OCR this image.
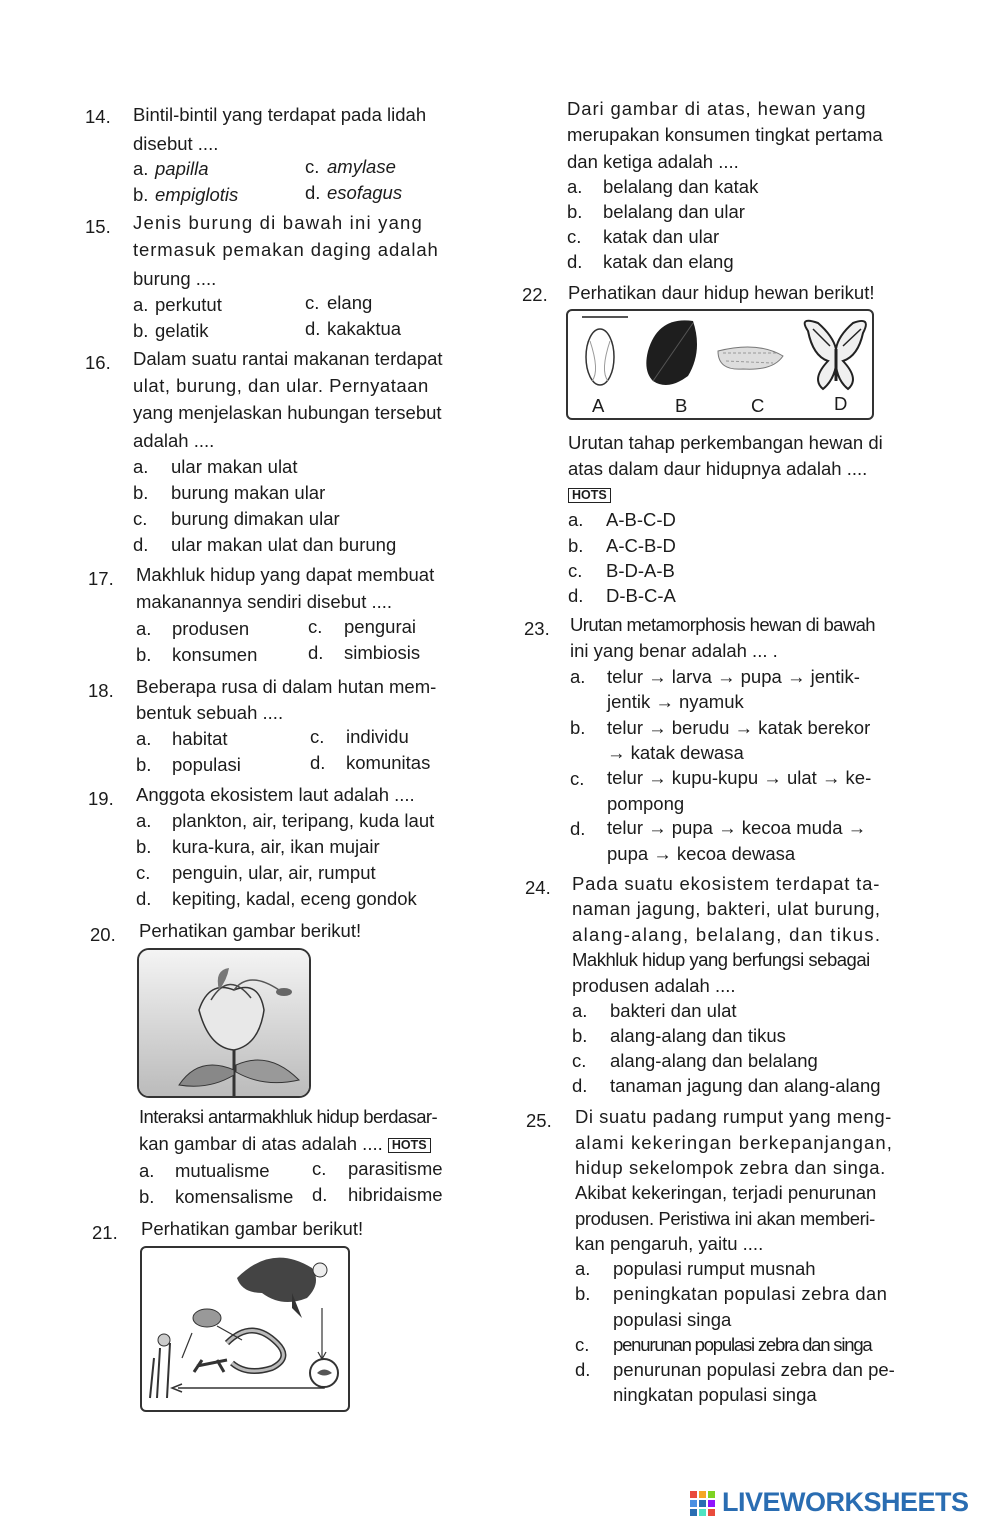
14. Bintil-bintil yang terdapat pada lidah
disebut ....
a. papilla
b. empiglotis
c. amylase
d. esofagus
15. Jenis burung di bawah ini yang
termasuk pemakan daging adalah
burung ....
a. perkutut
b. gelatik
c. elang
d. kakaktua
16. Dalam suatu rantai makanan terdapat
ulat, burung, dan ular. Pernyataan
yang menjelaskan hubungan tersebut
adalah ....
a. ular makan ulat
b. burung makan ular
c. burung dimakan ular
d. ular makan ulat dan burung
17. Makhluk hidup yang dapat membuat
makanannya sendiri disebut ....
a. produsen
b. konsumen
c. pengurai
d. simbiosis
18. Beberapa rusa di dalam hutan mem-
bentuk sebuah ....
a. habitat
b. populasi
c. individu
d. komunitas
19. Anggota ekosistem laut adalah ....
a. plankton, air, teripang, kuda laut
b. kura-kura, air, ikan mujair
c. penguin, ular, air, rumput
d. kepiting, kadal, eceng gondok
20. Perhatikan gambar berikut!
Interaksi antarmakhluk hidup berdasar-
kan gambar di atas adalah .... HOTS
a. mutualisme
b. komensalisme
c. parasitisme
d. hibridaisme
21. Perhatikan gambar berikut!
Dari gambar di atas, hewan yang
merupakan konsumen tingkat pertama
dan ketiga adalah ....
a. belalang dan katak
b. belalang dan ular
c. katak dan ular
d. katak dan elang
22. Perhatikan daur hidup hewan berikut!
A	B	C	D
Urutan tahap perkembangan hewan di
atas dalam daur hidupnya adalah ....
HOTS
a. A-B-C-D
b. A-C-B-D
c. B-D-A-B
d. D-B-C-A
23. Urutan metamorphosis hewan di bawah
ini yang benar adalah ... .
a. telur → larva → pupa → jentik-
jentik → nyamuk
b. telur → berudu → katak berekor
→ katak dewasa
c. telur → kupu-kupu → ulat → ke-
pompong
d. telur → pupa → kecoa muda →
pupa → kecoa dewasa
24. Pada suatu ekosistem terdapat ta-
naman jagung, bakteri, ulat burung,
alang-alang, belalang, dan tikus.
Makhluk hidup yang berfungsi sebagai
produsen adalah ....
a. bakteri dan ulat
b. alang-alang dan tikus
c. alang-alang dan belalang
d. tanaman jagung dan alang-alang
25. Di suatu padang rumput yang meng-
alami kekeringan berkepanjangan,
hidup sekelompok zebra dan singa.
Akibat kekeringan, terjadi penurunan
produsen. Peristiwa ini akan memberi-
kan pengaruh, yaitu ....
a. populasi rumput musnah
b. peningkatan populasi zebra dan
populasi singa
c. penurunan populasi zebra dan singa
d. penurunan populasi zebra dan pe-
ningkatan populasi singa
LIVEWORKSHEETS
